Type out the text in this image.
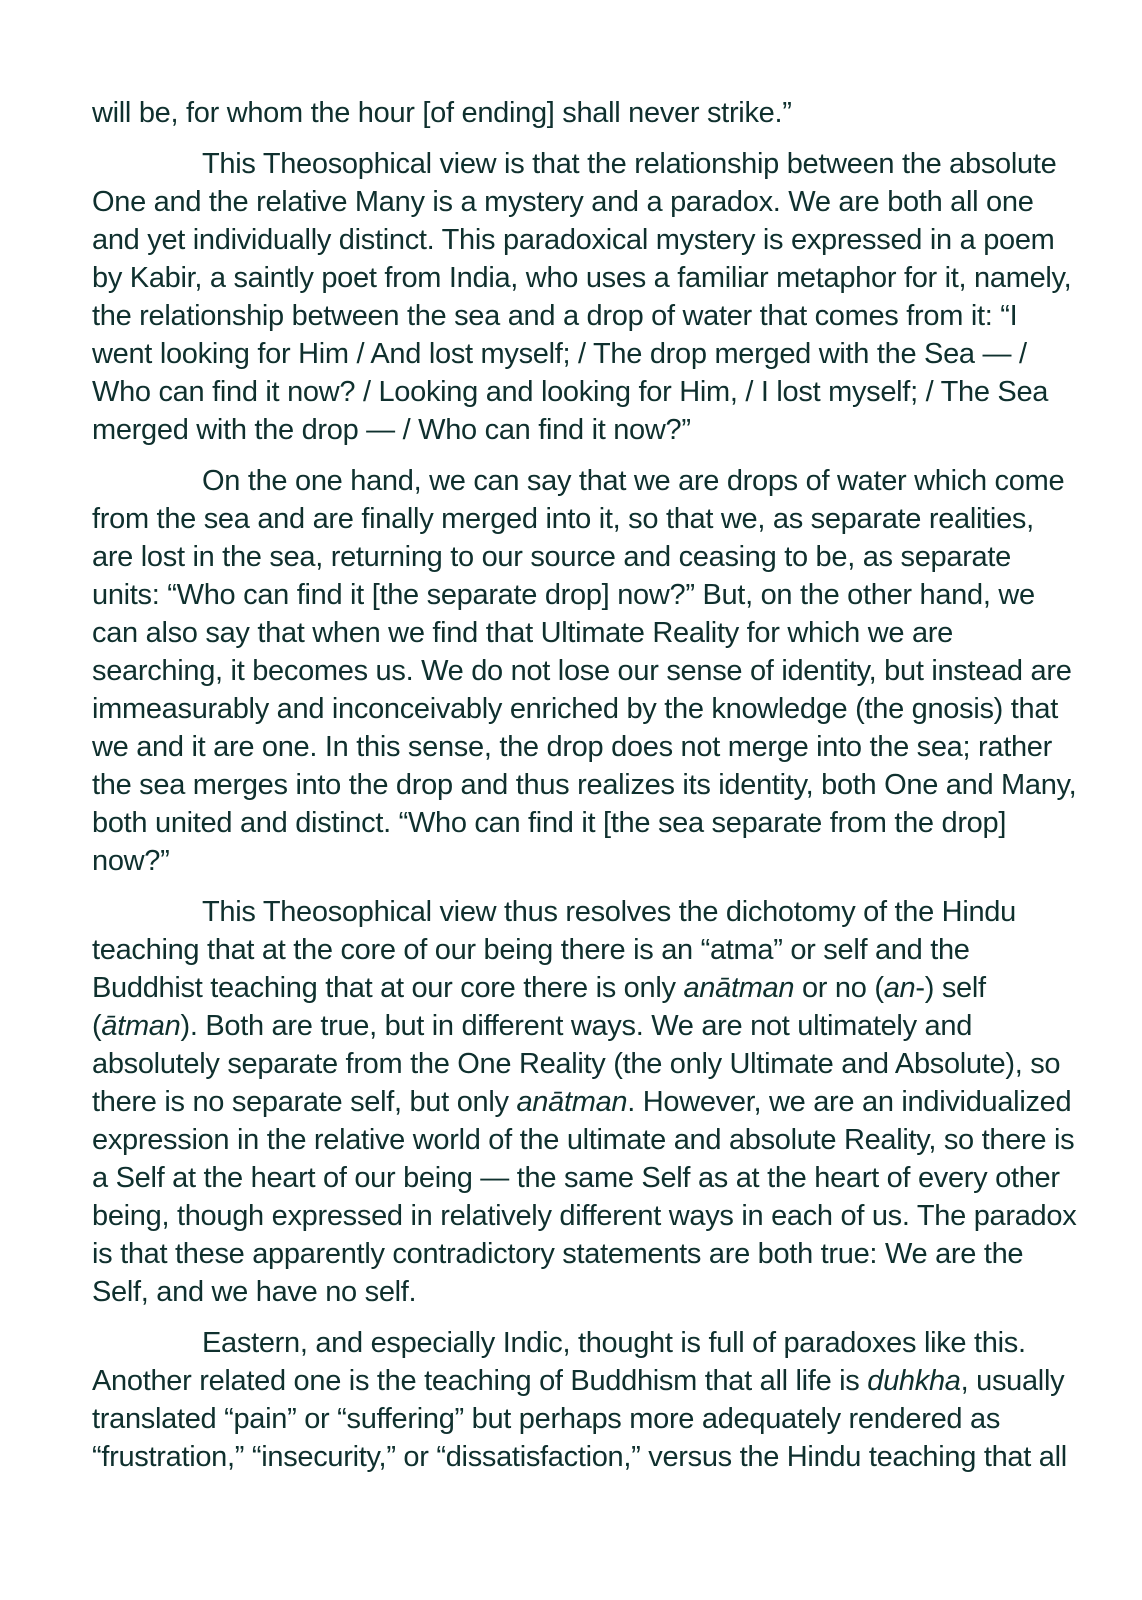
will be, for whom the hour [of ending] shall never strike.”

This Theosophical view is that the relationship between the absolute
One and the relative Many is a mystery and a paradox. We are both all one
and yet individually distinct. This paradoxical mystery is expressed in a poem
by Kabir, a saintly poet from India, who uses a familiar metaphor for it, namely,
the relationship between the sea and a drop of water that comes from it: “I
went looking for Him / And lost myself; / The drop merged with the Sea — /
Who can find it now? / Looking and looking for Him, / I lost myself; / The Sea
merged with the drop — / Who can find it now?”

On the one hand, we can say that we are drops of water which come
from the sea and are finally merged into it, so that we, as separate realities,
are lost in the sea, returning to our source and ceasing to be, as separate
units: “Who can find it [the separate drop] now?” But, on the other hand, we
can also say that when we find that Ultimate Reality for which we are
searching, it becomes us. We do not lose our sense of identity, but instead are
immeasurably and inconceivably enriched by the knowledge (the gnosis) that
we and it are one. In this sense, the drop does not merge into the sea; rather
the sea merges into the drop and thus realizes its identity, both One and Many,
both united and distinct. “Who can find it [the sea separate from the drop]
now?”

This Theosophical view thus resolves the dichotomy of the Hindu
teaching that at the core of our being there is an “atma” or self and the
Buddhist teaching that at our core there is only anātman or no (an-) self
(ātman). Both are true, but in different ways. We are not ultimately and
absolutely separate from the One Reality (the only Ultimate and Absolute), so
there is no separate self, but only anātman. However, we are an individualized
expression in the relative world of the ultimate and absolute Reality, so there is
a Self at the heart of our being — the same Self as at the heart of every other
being, though expressed in relatively different ways in each of us. The paradox
is that these apparently contradictory statements are both true: We are the
Self, and we have no self.

Eastern, and especially Indic, thought is full of paradoxes like this.
Another related one is the teaching of Buddhism that all life is duhkha, usually
translated “pain” or “suffering” but perhaps more adequately rendered as
“frustration,” “insecurity,” or “dissatisfaction,” versus the Hindu teaching that all
